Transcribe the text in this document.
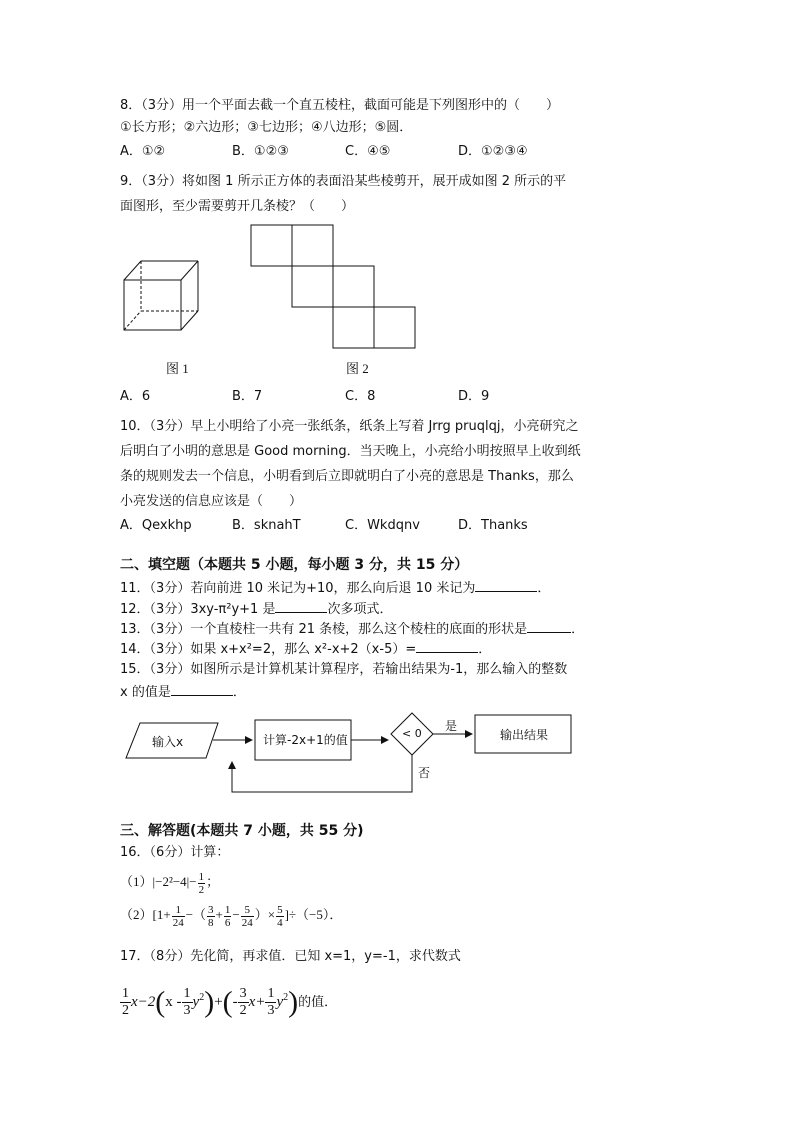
8．（3分）用一个平面去截一个直五棱柱，截面可能是下列图形中的（　　）
①长方形；②六边形；③七边形；④八边形；⑤圆．
A．①②	B．①②③	C．④⑤	D．①②③④
9．（3分）将如图 1 所示正方体的表面沿某些棱剪开，展开成如图 2 所示的平
面图形，至少需要剪开几条棱？（　　）
图 1	图 2
A．6	B．7	C．8	D．9
10．（3分）早上小明给了小亮一张纸条，纸条上写着 Jrrg pruqlqj，小亮研究之
后明白了小明的意思是 Good morning．当天晚上，小亮给小明按照早上收到纸
条的规则发去一个信息，小明看到后立即就明白了小亮的意思是 Thanks，那么
小亮发送的信息应该是（　　）
A．Qexkhp	B．sknahT	C．Wkdqnv	D．Thanks
二、填空题（本题共 5 小题，每小题 3 分，共 15 分）
11．（3分）若向前进 10 米记为+10，那么向后退 10 米记为	．
12．（3分）3xy-π²y+1 是	次多项式．
13．（3分）一个直棱柱一共有 21 条棱，那么这个棱柱的底面的形状是	．
14．（3分）如果 x+x²=2，那么 x²-x+2（x-5）=	．
15．（3分）如图所示是计算机某计算程序，若输出结果为-1，那么输入的整数
x 的值是	．
输入x	计算-2x+1的值	< 0
是
否
输出结果
三、解答题(本题共 7 小题，共 55 分)
16．（6分）计算：
$(1)|-2^2-4|- \frac{1}{2}$ ；
$(2)[1+ \frac{1}{24}$ −（ $\frac{3}{8} + \frac{1}{6} - \frac{5}{24}$ ）× $\frac{5}{4} ]\div(-5)$．
17．（8分）先化简，再求值．已知 x=1，y=-1，求代数式
$\frac{1}{2} x-2(x - \frac{1}{3} y^2)+(- \frac{3}{2} x+ \frac{1}{3} y^2)$的值．
